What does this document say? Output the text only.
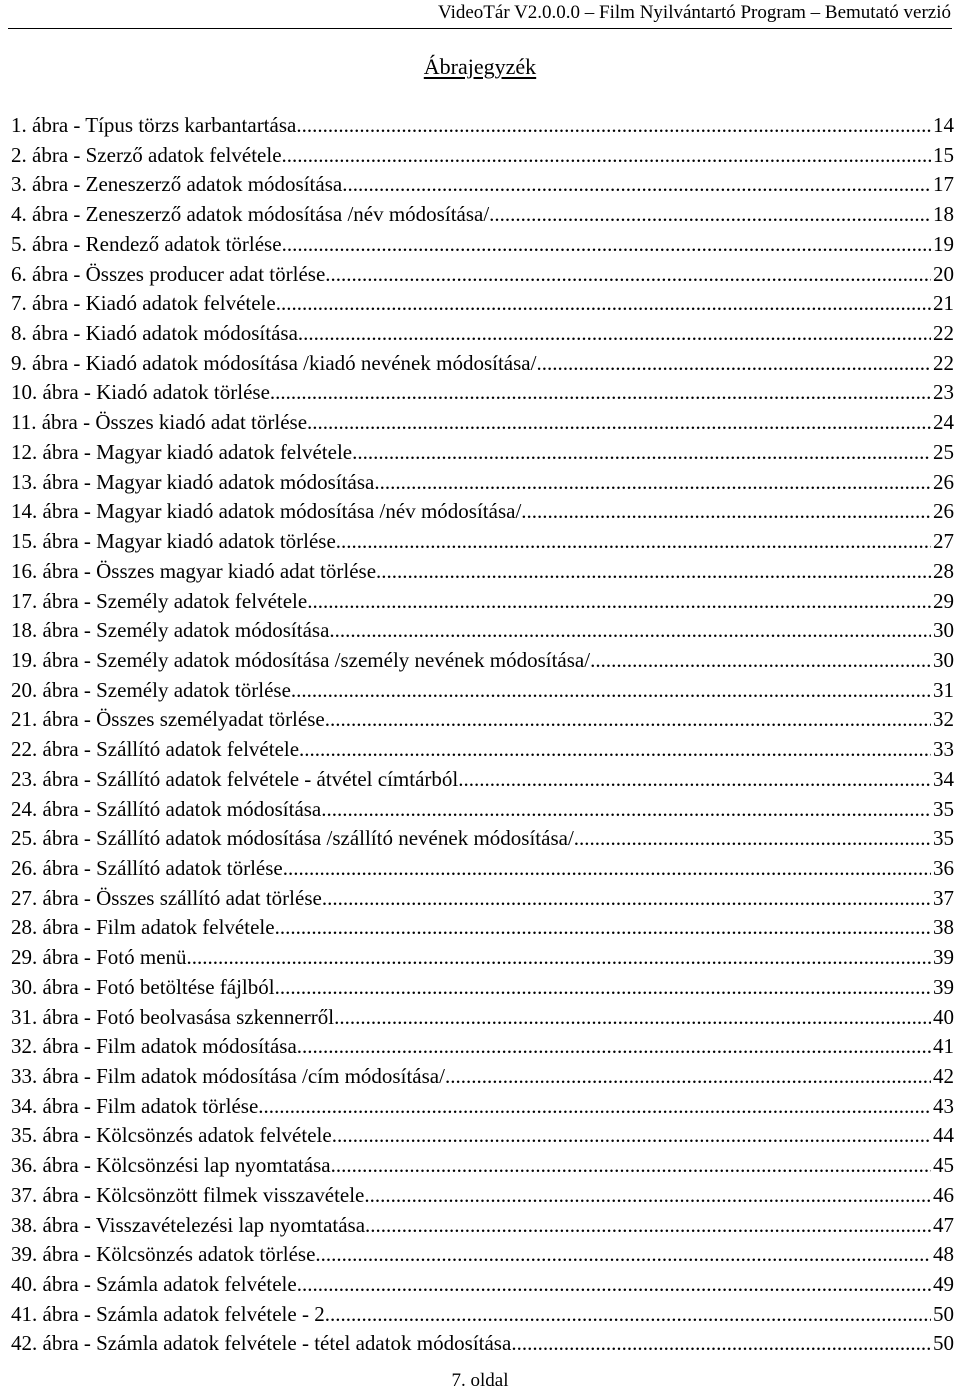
VideoTár V2.0.0.0 – Film Nyilvántartó Program – Bemutató verzió
Ábrajegyzék
1. ábra - Típus törzs karbantartása .....	14
2. ábra - Szerző adatok felvétele .....	15
3. ábra - Zeneszerző adatok módosítása .....	17
4. ábra - Zeneszerző adatok módosítása /név módosítása/ .....	18
5. ábra - Rendező adatok törlése .....	19
6. ábra - Összes producer adat törlése .....	20
7. ábra - Kiadó adatok felvétele .....	21
8. ábra - Kiadó adatok módosítása .....	22
9. ábra - Kiadó adatok módosítása /kiadó nevének módosítása/ .....	22
10. ábra - Kiadó adatok törlése .....	23
11. ábra - Összes kiadó adat törlése .....	24
12. ábra - Magyar kiadó adatok felvétele .....	25
13. ábra - Magyar kiadó adatok módosítása .....	26
14. ábra - Magyar kiadó adatok módosítása /név módosítása/ .....	26
15. ábra - Magyar kiadó adatok törlése .....	27
16. ábra - Összes magyar kiadó adat törlése .....	28
17. ábra - Személy adatok felvétele .....	29
18. ábra - Személy adatok módosítása .....	30
19. ábra - Személy adatok módosítása /személy nevének módosítása/ .....	30
20. ábra - Személy adatok törlése .....	31
21. ábra - Összes személyadat törlése .....	32
22. ábra - Szállító adatok felvétele .....	33
23. ábra - Szállító adatok felvétele - átvétel címtárból .....	34
24. ábra - Szállító adatok módosítása .....	35
25. ábra - Szállító adatok módosítása /szállító nevének módosítása/ .....	35
26. ábra - Szállító adatok törlése .....	36
27. ábra - Összes szállító adat törlése .....	37
28. ábra - Film adatok felvétele .....	38
29. ábra - Fotó menü .....	39
30. ábra - Fotó betöltése fájlból .....	39
31. ábra - Fotó beolvasása szkennerről .....	40
32. ábra - Film adatok módosítása .....	41
33. ábra - Film adatok módosítása /cím módosítása/ .....	42
34. ábra - Film adatok törlése .....	43
35. ábra - Kölcsönzés adatok felvétele .....	44
36. ábra - Kölcsönzési lap nyomtatása .....	45
37. ábra - Kölcsönzött filmek visszavétele .....	46
38. ábra - Visszavételezési lap nyomtatása .....	47
39. ábra - Kölcsönzés adatok törlése .....	48
40. ábra - Számla adatok felvétele .....	49
41. ábra - Számla adatok felvétele - 2 .....	50
42. ábra - Számla adatok felvétele - tétel adatok módosítása .....	50
7. oldal
